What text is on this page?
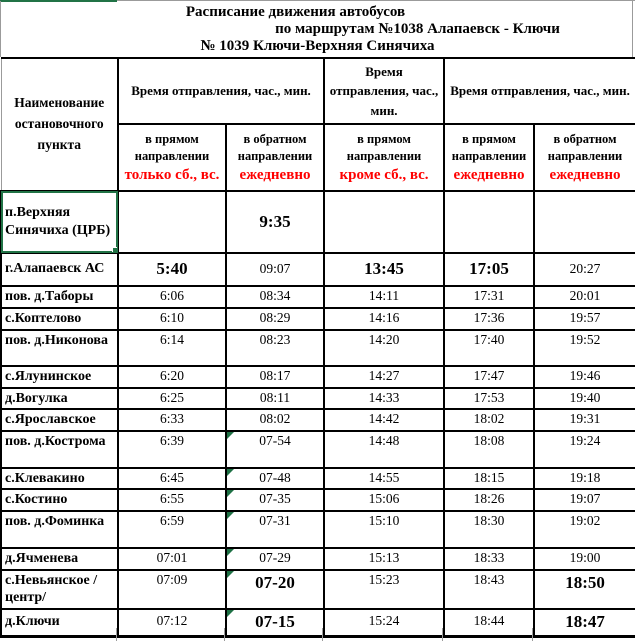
Расписание движения автобусов
по маршрутам №1038 Алапаевск - Ключи
№ 1039 Ключи-Верхняя Синячиха
Наименование остановочного пункта	Время отправления, час., мин.		Время отправления, час., мин.	Время отправления, час., мин.	

в прямом направлении
только сб., вс.

в обратном направлении
ежедневно

в прямом направлении
кроме сб., вс.

в прямом направлении
ежедневно

в обратном направлении
ежедневно

п.Верхняя Синячиха (ЦРБ)		9:35			
г.Алапаевск АС	5:40	09:07	13:45	17:05	20:27
пов. д.Таборы	6:06	08:34	14:11	17:31	20:01
с.Коптелово	6:10	08:29	14:16	17:36	19:57
пов. д.Никонова	6:14	08:23	14:20	17:40	19:52
с.Ялунинское	6:20	08:17	14:27	17:47	19:46
д.Вогулка	6:25	08:11	14:33	17:53	19:40
с.Ярославское	6:33	08:02	14:42	18:02	19:31
пов. д.Кострома	6:39	07-54	14:48	18:08	19:24
с.Клевакино	6:45	07-48	14:55	18:15	19:18
с.Костино	6:55	07-35	15:06	18:26	19:07
пов. д.Фоминка	6:59	07-31	15:10	18:30	19:02
д.Ячменева	07:01	07-29	15:13	18:33	19:00
с.Невьянское /центр/	07:09	07-20	15:23	18:43	18:50
д.Ключи	07:12	07-15	15:24	18:44	18:47
